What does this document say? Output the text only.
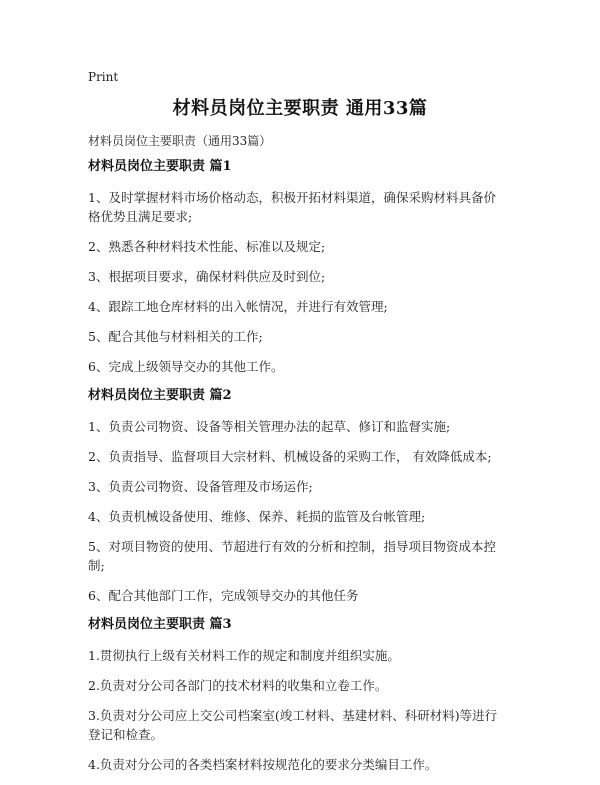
Print
材料员岗位主要职责 通用33篇
材料员岗位主要职责（通用33篇）
材料员岗位主要职责 篇1
1、及时掌握材料市场价格动态，积极开拓材料渠道，确保采购材料具备价格优势且满足要求;
2、熟悉各种材料技术性能、标准以及规定;
3、根据项目要求，确保材料供应及时到位;
4、跟踪工地仓库材料的出入帐情况，并进行有效管理;
5、配合其他与材料相关的工作;
6、完成上级领导交办的其他工作。
材料员岗位主要职责 篇2
1、负责公司物资、设备等相关管理办法的起草、修订和监督实施;
2、负责指导、监督项目大宗材料、机械设备的采购工作， 有效降低成本;
3、负责公司物资、设备管理及市场运作;
4、负责机械设备使用、维修、保养、耗损的监管及台帐管理;
5、对项目物资的使用、节超进行有效的分析和控制，指导项目物资成本控制;
6、配合其他部门工作，完成领导交办的其他任务
材料员岗位主要职责 篇3
1.贯彻执行上级有关材料工作的规定和制度并组织实施。
2.负责对分公司各部门的技术材料的收集和立卷工作。
3.负责对分公司应上交公司档案室(竣工材料、基建材料、科研材料)等进行登记和检查。
4.负责对分公司的各类档案材料按规范化的要求分类编目工作。
